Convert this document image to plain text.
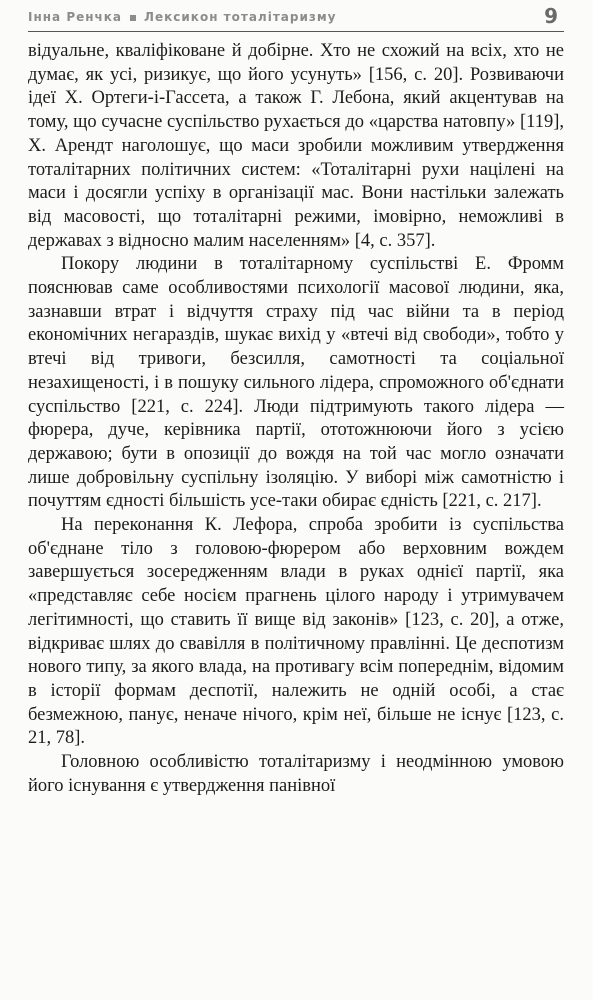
Інна Ренчка Лексикон тоталітаризму	9

відуальне, кваліфіковане й добірне. Хто не схожий на всіх, хто не думає, як усі, ризикує, що його усунуть» [156, с. 20]. Розвиваючи ідеї Х. Ортеги-і-Гассета, а також Г. Лебона, який акцентував на тому, що сучасне суспільство рухається до «царства натовпу» [119], Х. Арендт наголошує, що маси зробили можливим утвердження тоталітарних політичних систем: «Тоталітарні рухи націлені на маси і досягли успіху в організації мас. Вони настільки залежать від масовості, що тоталітарні режими, імовірно, неможливі в державах з відносно малим населенням» [4, с. 357].

Покору людини в тоталітарному суспільстві Е. Фромм пояснював саме особливостями психології масової людини, яка, зазнавши втрат і відчуття страху під час війни та в період економічних негараздів, шукає вихід у «втечі від свободи», тобто у втечі від тривоги, безсилля, самотності та соціальної незахищеності, і в пошуку сильного лідера, спроможного об'єднати суспільство [221, с. 224]. Люди підтримують такого лідера — фюрера, дуче, керівника партії, ототожнюючи його з усією державою; бути в опозиції до вождя на той час могло означати лише добровільну суспільну ізоляцію. У виборі між самотністю і почуттям єдності більшість усе-таки обирає єдність [221, с. 217].

На переконання К. Лефора, спроба зробити із суспільства об'єднане тіло з головою-фюрером або верховним вождем завершується зосередженням влади в руках однієї партії, яка «представляє себе носієм прагнень цілого народу і утримувачем легітимності, що ставить її вище від законів» [123, с. 20], а отже, відкриває шлях до свавілля в політичному правлінні. Це деспотизм нового типу, за якого влада, на противагу всім попереднім, відомим в історії формам деспотії, належить не одній особі, а стає безмежною, панує, неначе нічого, крім неї, більше не існує [123, с. 21, 78].

Головною особливістю тоталітаризму і неодмінною умовою його існування є утвердження панівної
